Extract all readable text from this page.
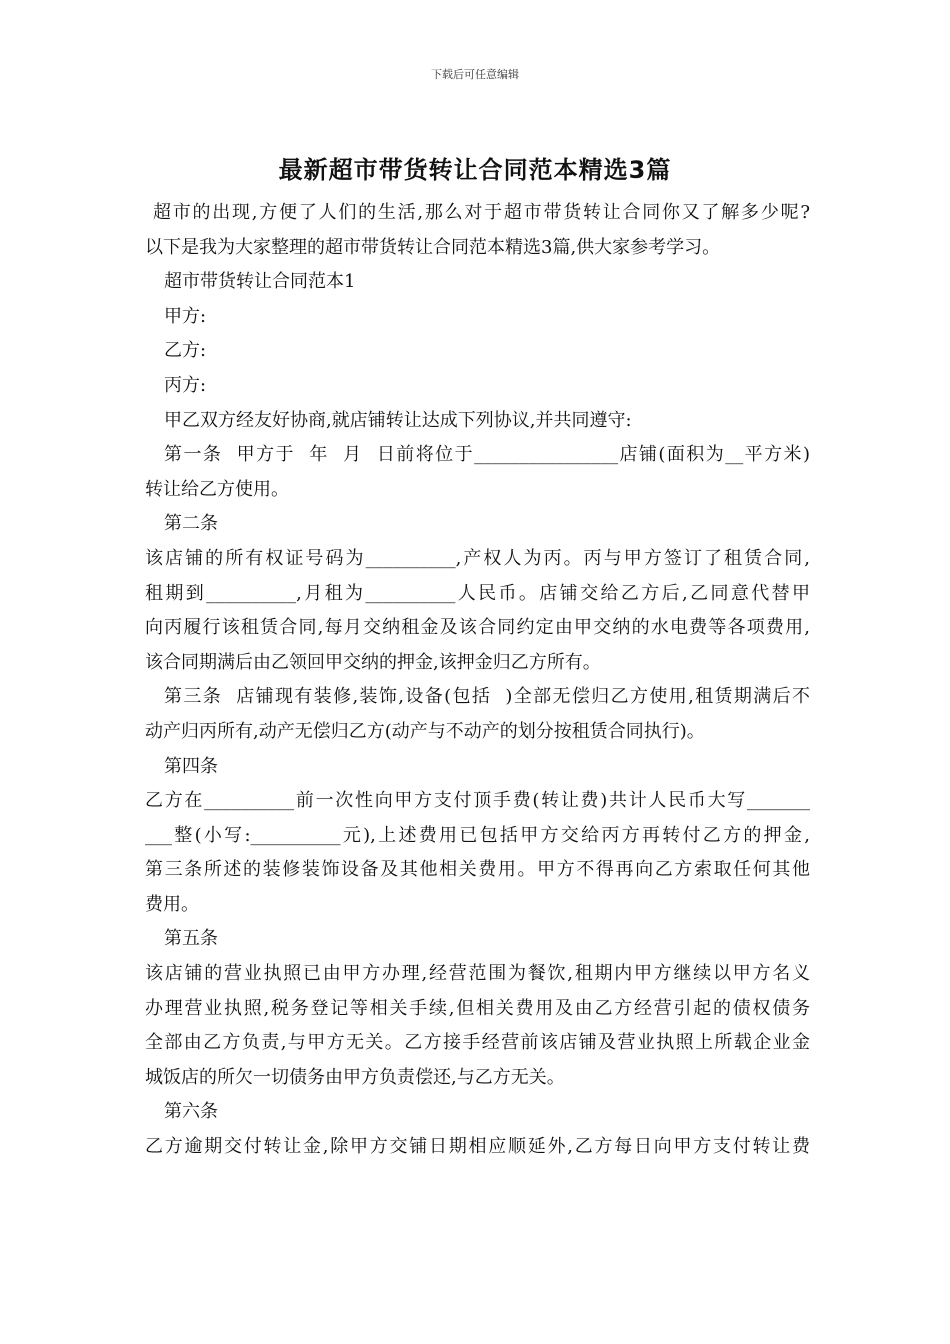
下载后可任意编辑
最新超市带货转让合同范本精选3篇
超市的出现,方便了人们的生活,那么对于超市带货转让合同你又了解多少呢?
以下是我为大家整理的超市带货转让合同范本精选3篇,供大家参考学习。
超市带货转让合同范本1
甲方:
乙方:
丙方:
甲乙双方经友好协商,就店铺转让达成下列协议,并共同遵守:
第一条  甲方于  年  月  日前将位于________________店铺(面积为__平方米)
转让给乙方使用。
第二条
该店铺的所有权证号码为__________,产权人为丙。丙与甲方签订了租赁合同,
租期到__________,月租为__________人民币。店铺交给乙方后,乙同意代替甲
向丙履行该租赁合同,每月交纳租金及该合同约定由甲交纳的水电费等各项费用,
该合同期满后由乙领回甲交纳的押金,该押金归乙方所有。
第三条  店铺现有装修,装饰,设备(包括  )全部无偿归乙方使用,租赁期满后不
动产归丙所有,动产无偿归乙方(动产与不动产的划分按租赁合同执行)。
第四条
乙方在__________前一次性向甲方支付顶手费(转让费)共计人民币大写_______
___整(小写:__________元),上述费用已包括甲方交给丙方再转付乙方的押金,
第三条所述的装修装饰设备及其他相关费用。甲方不得再向乙方索取任何其他
费用。
第五条
该店铺的营业执照已由甲方办理,经营范围为餐饮,租期内甲方继续以甲方名义
办理营业执照,税务登记等相关手续,但相关费用及由乙方经营引起的债权债务
全部由乙方负责,与甲方无关。乙方接手经营前该店铺及营业执照上所载企业金
城饭店的所欠一切债务由甲方负责偿还,与乙方无关。
第六条
乙方逾期交付转让金,除甲方交铺日期相应顺延外,乙方每日向甲方支付转让费
